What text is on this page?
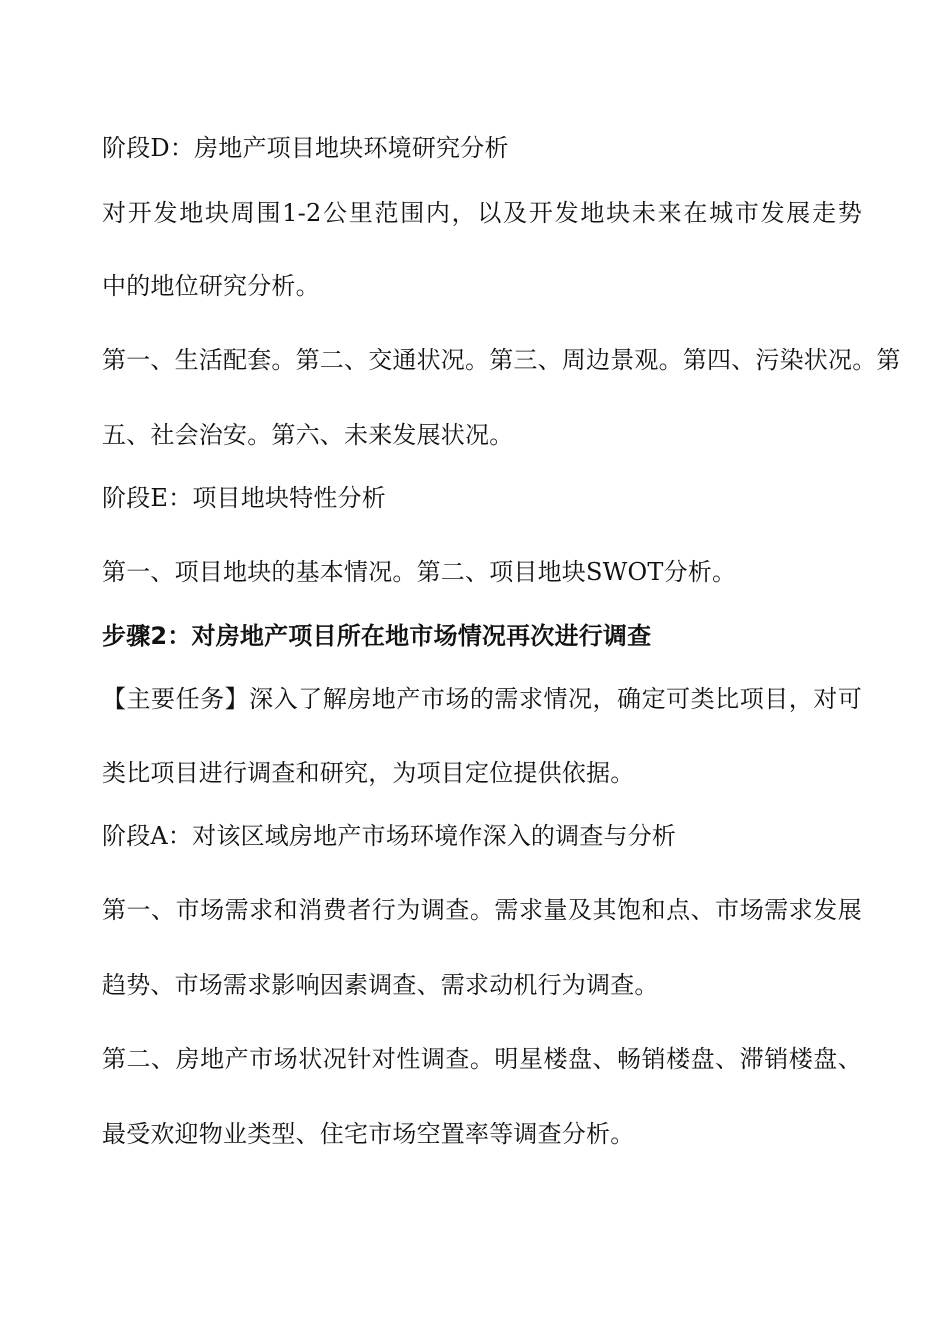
阶段D：房地产项目地块环境研究分析
对开发地块周围1-2公里范围内，以及开发地块未来在城市发展走势
中的地位研究分析。
第一、生活配套。第二、交通状况。第三、周边景观。第四、污染状况。第
五、社会治安。第六、未来发展状况。
阶段E：项目地块特性分析
第一、项目地块的基本情况。第二、项目地块SWOT分析。
步骤2：对房地产项目所在地市场情况再次进行调查
【主要任务】深入了解房地产市场的需求情况，确定可类比项目，对可
类比项目进行调查和研究，为项目定位提供依据。
阶段A：对该区域房地产市场环境作深入的调查与分析
第一、市场需求和消费者行为调查。需求量及其饱和点、市场需求发展
趋势、市场需求影响因素调查、需求动机行为调查。
第二、房地产市场状况针对性调查。明星楼盘、畅销楼盘、滞销楼盘、
最受欢迎物业类型、住宅市场空置率等调查分析。
